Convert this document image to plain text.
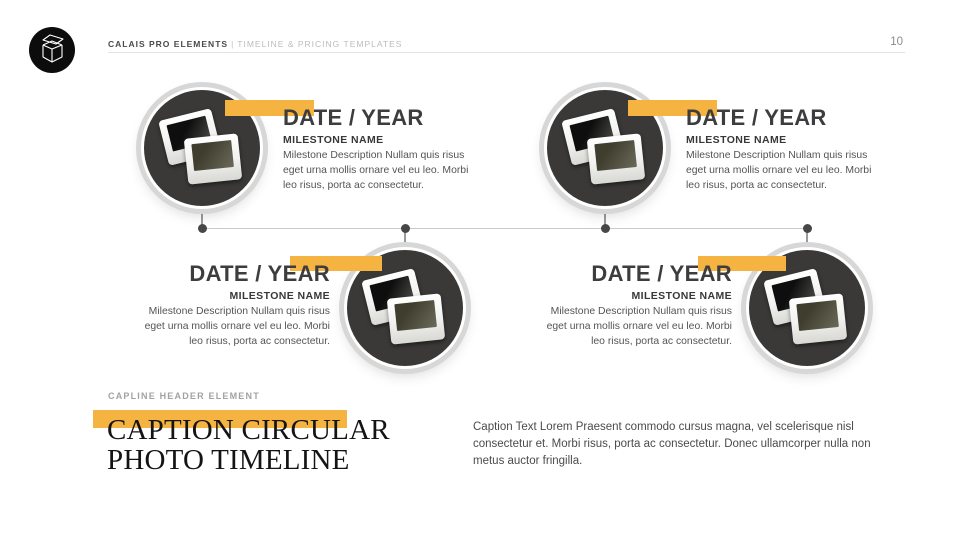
CALAIS PRO ELEMENTS | TIMELINE & PRICING TEMPLATES	10
DATE / YEAR
MILESTONE NAME
Milestone Description Nullam quis risus
eget urna mollis ornare vel eu leo. Morbi
leo risus, porta ac consectetur.
DATE / YEAR
MILESTONE NAME
Milestone Description Nullam quis risus
eget urna mollis ornare vel eu leo. Morbi
leo risus, porta ac consectetur.
DATE / YEAR
MILESTONE NAME
Milestone Description Nullam quis risus
eget urna mollis ornare vel eu leo. Morbi
leo risus, porta ac consectetur.
DATE / YEAR
MILESTONE NAME
Milestone Description Nullam quis risus
eget urna mollis ornare vel eu leo. Morbi
leo risus, porta ac consectetur.
CAPLINE HEADER ELEMENT
CAPTION CIRCULAR
PHOTO TIMELINE
Caption Text Lorem Praesent commodo cursus magna, vel scelerisque nisl
consectetur et. Morbi risus, porta ac consectetur. Donec ullamcorper nulla non
metus auctor fringilla.
